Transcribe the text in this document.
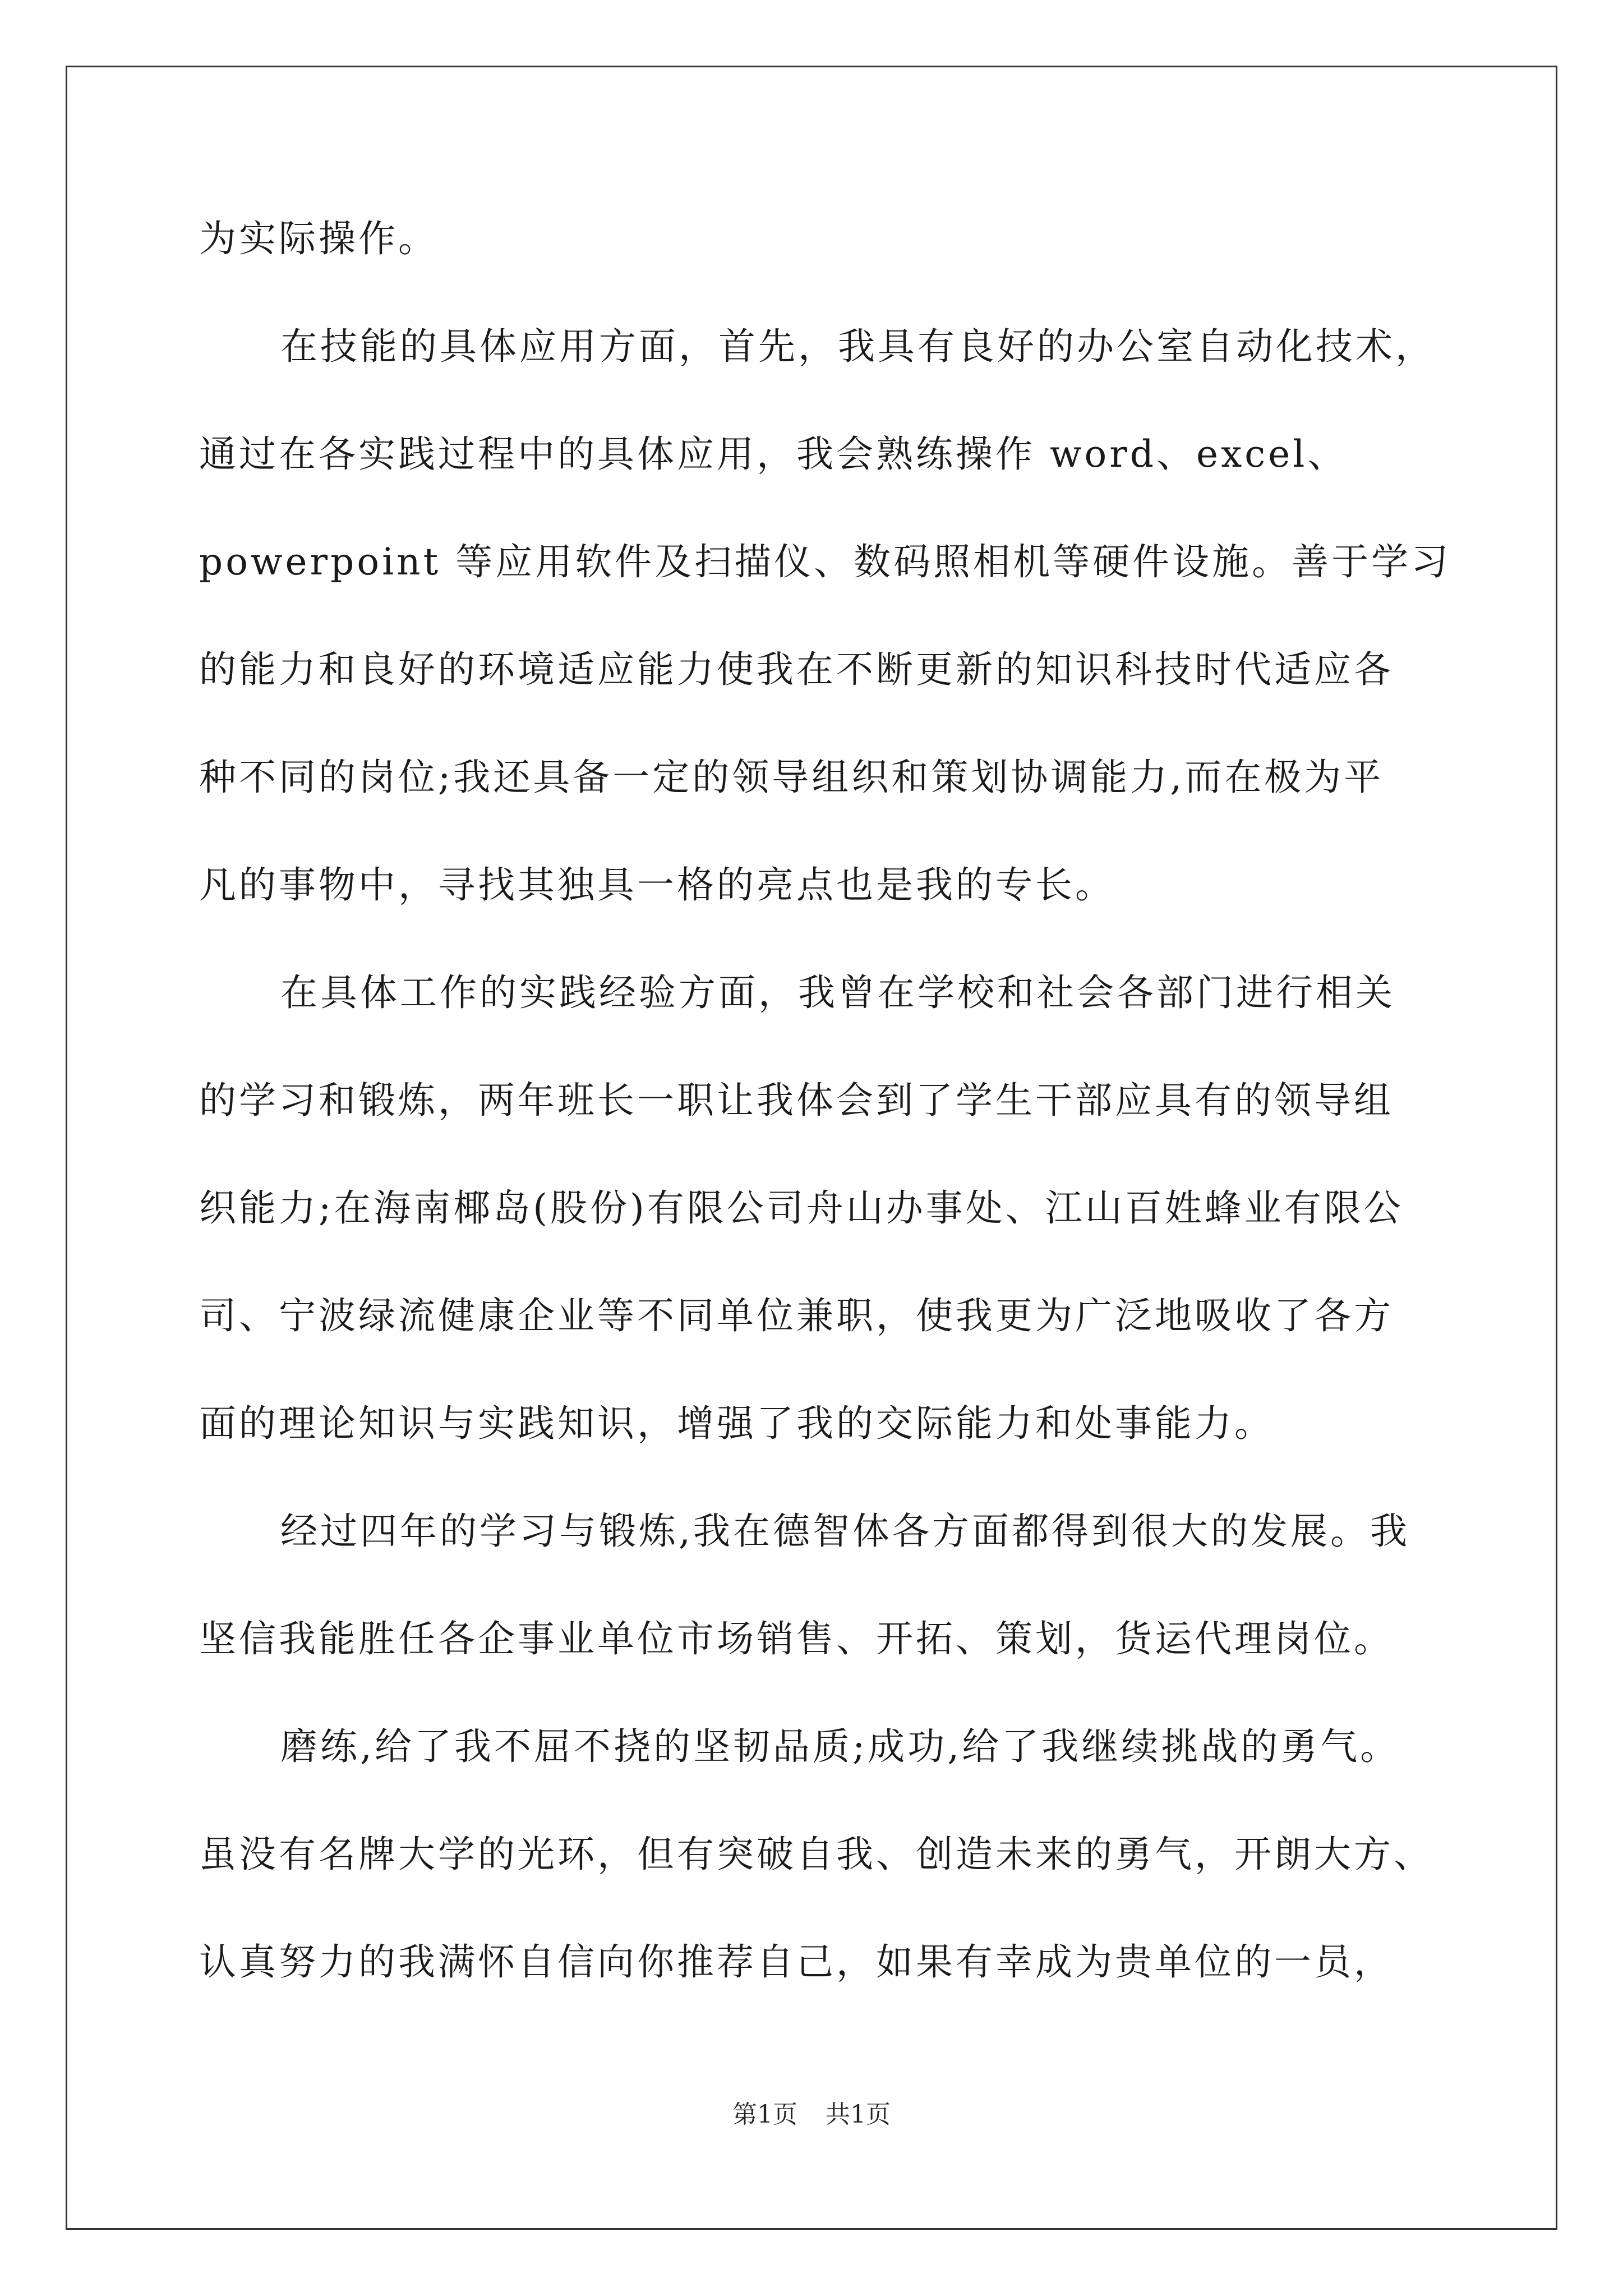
为实际操作。
在技能的具体应用方面，首先，我具有良好的办公室自动化技术，
通过在各实践过程中的具体应用，我会熟练操作 word、excel、
powerpoint 等应用软件及扫描仪、数码照相机等硬件设施。善于学习
的能力和良好的环境适应能力使我在不断更新的知识科技时代适应各
种不同的岗位;我还具备一定的领导组织和策划协调能力,而在极为平
凡的事物中，寻找其独具一格的亮点也是我的专长。
在具体工作的实践经验方面，我曾在学校和社会各部门进行相关
的学习和锻炼，两年班长一职让我体会到了学生干部应具有的领导组
织能力;在海南椰岛(股份)有限公司舟山办事处、江山百姓蜂业有限公
司、宁波绿流健康企业等不同单位兼职，使我更为广泛地吸收了各方
面的理论知识与实践知识，增强了我的交际能力和处事能力。
经过四年的学习与锻炼,我在德智体各方面都得到很大的发展。我
坚信我能胜任各企事业单位市场销售、开拓、策划，货运代理岗位。
磨练,给了我不屈不挠的坚韧品质;成功,给了我继续挑战的勇气。
虽没有名牌大学的光环，但有突破自我、创造未来的勇气，开朗大方、
认真努力的我满怀自信向你推荐自己，如果有幸成为贵单位的一员，
第1页 共1页
